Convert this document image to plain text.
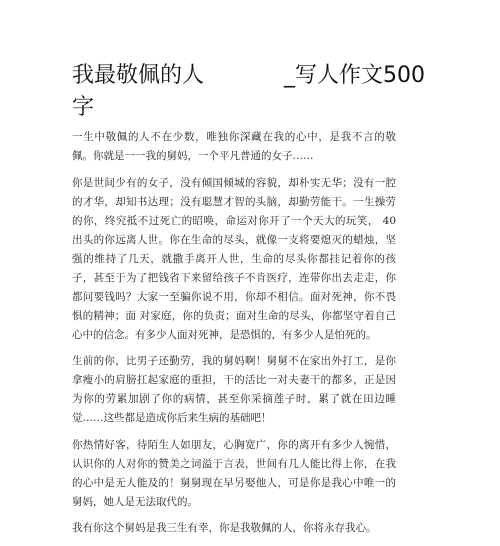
我最敬佩的人	_写人作文500
字

一生中敬佩的人不在少数，唯独你深藏在我的心中，是我不言的敬佩。你就是一一我的舅妈，一个平凡普通的女子……

你是世间少有的女子，没有倾国倾城的容貌，却朴实无华；没有一腔的才华，却知书达理；没有聪慧才智的头脑，却勤劳能干。一生操劳的你，终究抵不过死亡的昭唤，命运对你开了一个天大的玩笑， 40 出头的你远离人世。你在生命的尽头，就像一支将要熄灭的蜡烛，坚强的维持了几天，就撒手离开人世，生命的尽头你都挂记着你的孩子，甚至于为了把钱省下来留给孩子不肯医疗，连带你出去走走，你都问要钱吗？大家一至骗你说不用，你却不相信。面对死神，你不畏惧的精神；面 对家庭，你的负责；面对生命的尽头，你都坚守着自己心中的信念。有多少人面对死神，是恐惧的，有多少人是怕死的。

生前的你，比男子还勤劳，我的舅妈啊！舅舅不在家出外打工，是你拿瘦小的肩膀扛起家庭的重担，干的活比一对夫妻干的都多，正是因为你的劳累加剧了你的病情，甚至你采摘莲子时，累了就在田边睡觉……这些都是造成你后来生病的基础吧！

你热情好客，待陌生人如朋友，心胸宽广，你的离开有多少人惋惜，认识你的人对你的赞美之词溢于言表，世间有几人能比得上你，在我的心中是无人能及的！舅舅现在早另娶他人，可是你是我心中唯一的舅妈，她人是无法取代的。

我有你这个舅妈是我三生有幸，你是我敬佩的人，你将永存我心。
